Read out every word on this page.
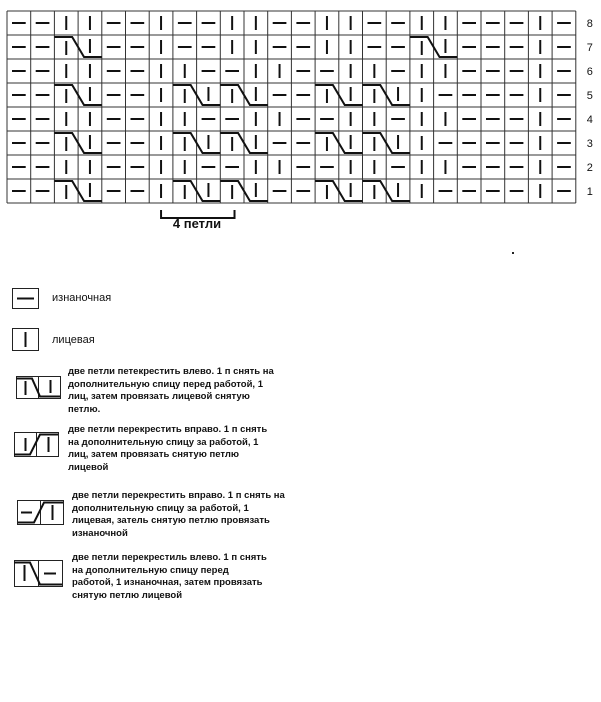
8
7
6
5
4
3
2
1
4 петли
изнаночная
лицевая
две петли петекрестить влево. 1 п снять на
дополнительную спицу перед работой, 1
лиц, затем провязать лицевой снятую
петлю.
две петли перекрестить вправо. 1 п снять
на дополнительную спицу за работой, 1
лиц, затем провязать снятую петлю
лицевой
две петли перекрестить вправо. 1 п снять на
дополнительную спицу за работой, 1
лицевая, затель снятую петлю провязать
изнаночной
две петли перекрестиль влево. 1 п снять
на дополнительную спицу перед
работой, 1 изнаночная, затем провязать
снятую петлю лицевой
